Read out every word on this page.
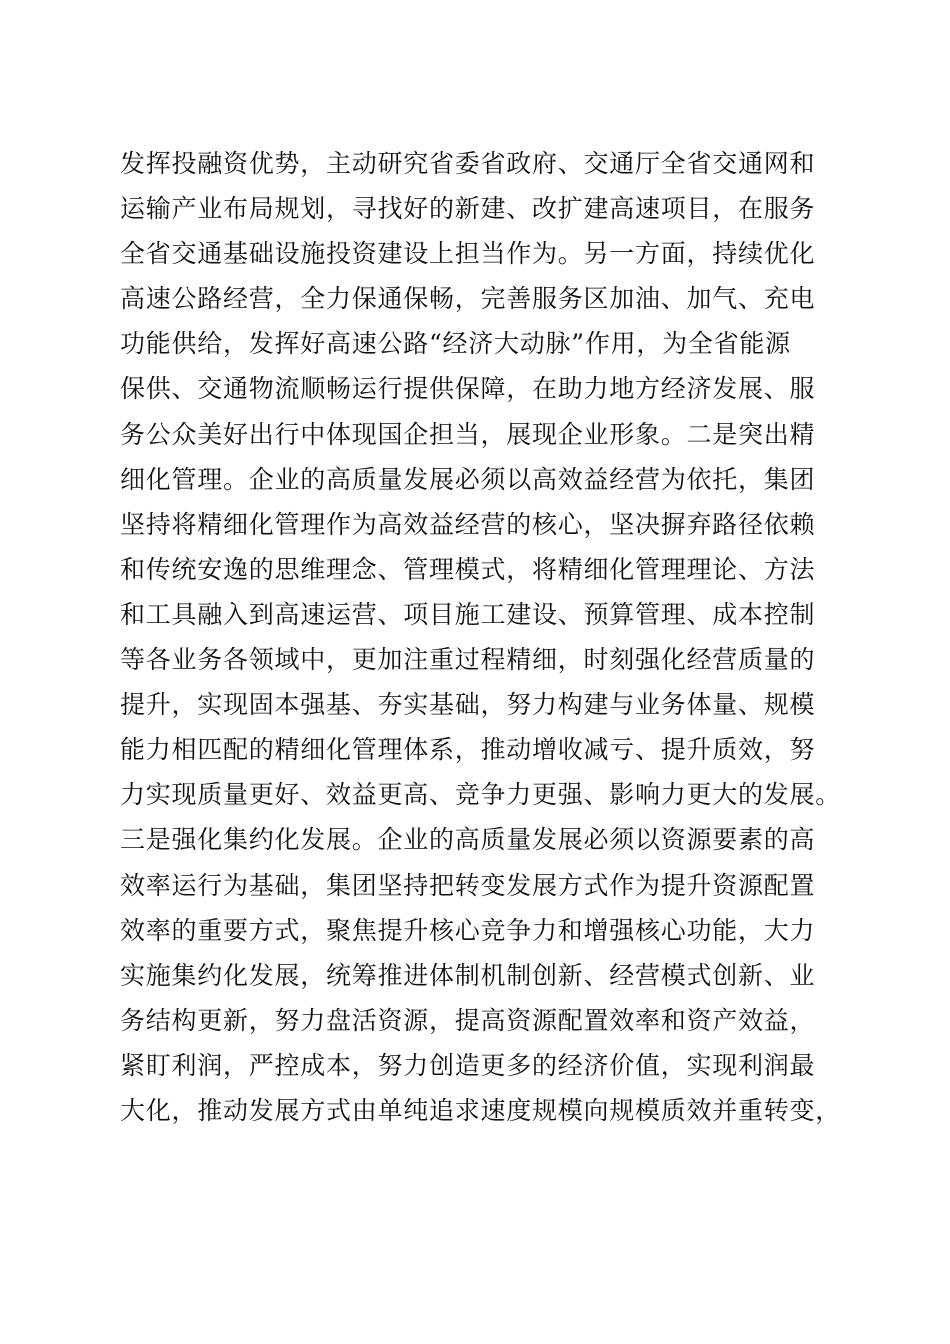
发挥投融资优势，主动研究省委省政府、交通厅全省交通网和
运输产业布局规划，寻找好的新建、改扩建高速项目，在服务
全省交通基础设施投资建设上担当作为。另一方面，持续优化
高速公路经营，全力保通保畅，完善服务区加油、加气、充电
功能供给，发挥好高速公路“经济大动脉”作用，为全省能源
保供、交通物流顺畅运行提供保障，在助力地方经济发展、服
务公众美好出行中体现国企担当，展现企业形象。二是突出精
细化管理。企业的高质量发展必须以高效益经营为依托，集团
坚持将精细化管理作为高效益经营的核心，坚决摒弃路径依赖
和传统安逸的思维理念、管理模式，将精细化管理理论、方法
和工具融入到高速运营、项目施工建设、预算管理、成本控制
等各业务各领域中，更加注重过程精细，时刻强化经营质量的
提升，实现固本强基、夯实基础，努力构建与业务体量、规模
能力相匹配的精细化管理体系，推动增收减亏、提升质效，努
力实现质量更好、效益更高、竞争力更强、影响力更大的发展。
三是强化集约化发展。企业的高质量发展必须以资源要素的高
效率运行为基础，集团坚持把转变发展方式作为提升资源配置
效率的重要方式，聚焦提升核心竞争力和增强核心功能，大力
实施集约化发展，统筹推进体制机制创新、经营模式创新、业
务结构更新，努力盘活资源，提高资源配置效率和资产效益，
紧盯利润，严控成本，努力创造更多的经济价值，实现利润最
大化，推动发展方式由单纯追求速度规模向规模质效并重转变，
